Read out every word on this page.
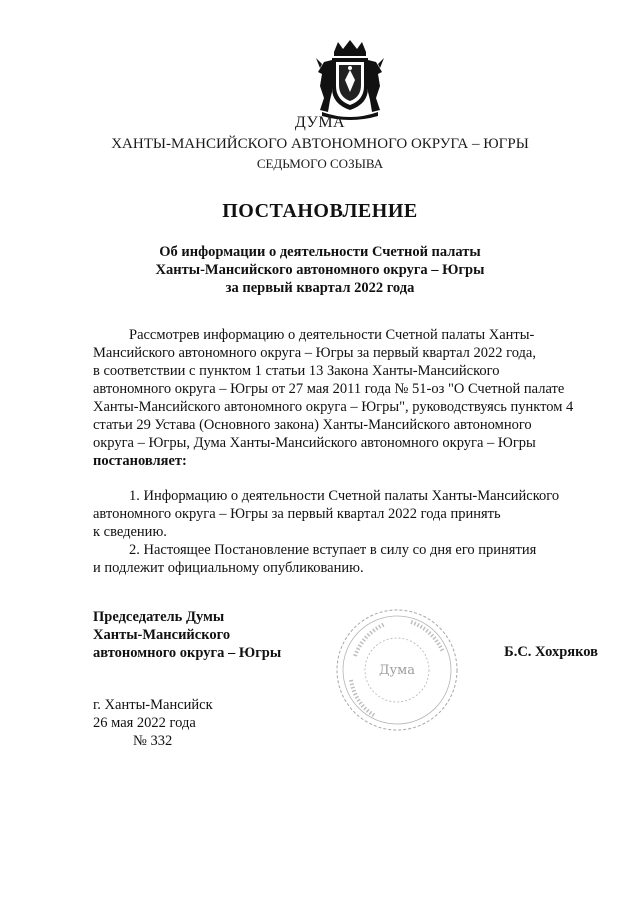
ДУМА
ХАНТЫ-МАНСИЙСКОГО АВТОНОМНОГО ОКРУГА – ЮГРЫ
СЕДЬМОГО СОЗЫВА
ПОСТАНОВЛЕНИЕ
Об информации о деятельности Счетной палаты
Ханты-Мансийского автономного округа – Югры
за первый квартал 2022 года
Рассмотрев информацию о деятельности Счетной палаты Ханты-
Мансийского автономного округа – Югры за первый квартал 2022 года,
в соответствии с пунктом 1 статьи 13 Закона Ханты-Мансийского
автономного округа – Югры от 27 мая 2011 года № 51-оз "О Счетной палате
Ханты-Мансийского автономного округа – Югры", руководствуясь пунктом 4
статьи 29 Устава (Основного закона) Ханты-Мансийского автономного
округа – Югры, Дума Ханты-Мансийского автономного округа – Югры
постановляет:
1. Информацию о деятельности Счетной палаты Ханты-Мансийского
автономного округа – Югры за первый квартал 2022 года принять
к сведению.
2. Настоящее Постановление вступает в силу со дня его принятия
и подлежит официальному опубликованию.
Председатель Думы
Ханты-Мансийского
автономного округа – Югры
Дума
Б.С. Хохряков
г. Ханты-Мансийск
26 мая 2022 года
№ 332
